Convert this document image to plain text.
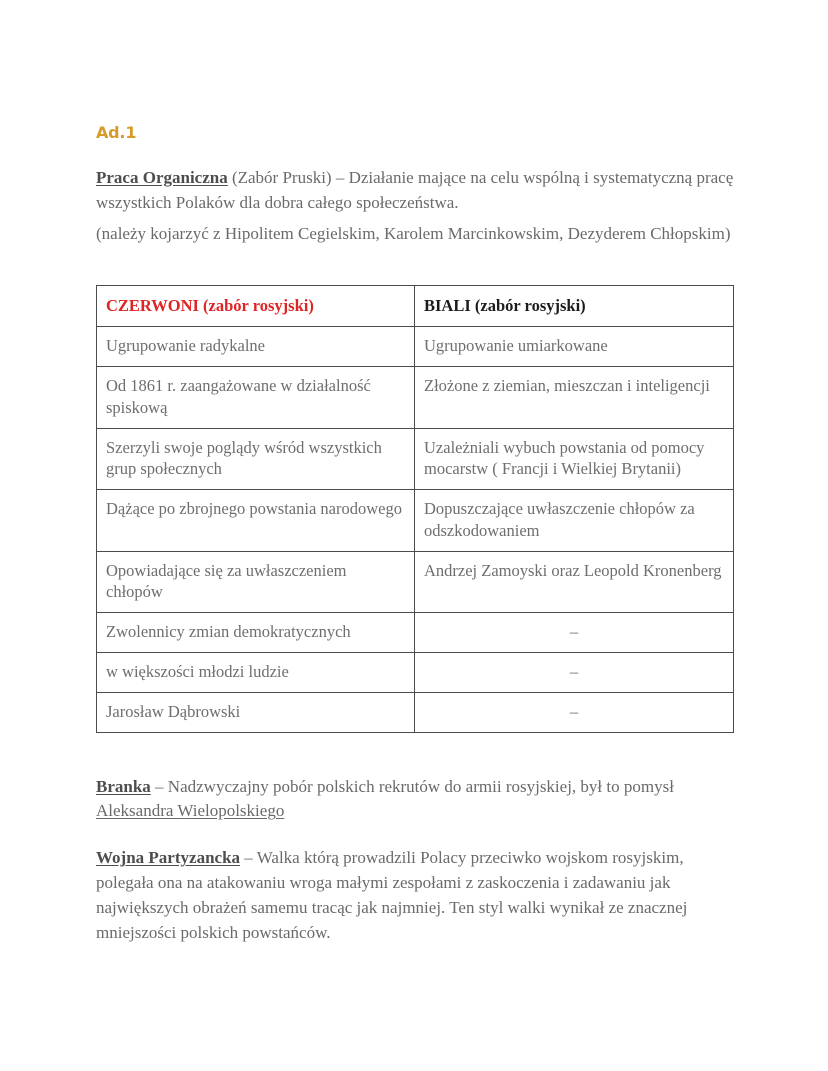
Ad.1

Praca Organiczna (Zabór Pruski) – Działanie mające na celu wspólną i systematyczną pracę wszystkich Polaków dla dobra całego społeczeństwa.

(należy kojarzyć z Hipolitem Cegielskim, Karolem Marcinkowskim, Dezyderem Chłopskim)

CZERWONI (zabór rosyjski)	BIALI (zabór rosyjski)
Ugrupowanie radykalne	Ugrupowanie umiarkowane
Od 1861 r. zaangażowane w działalność spiskową	Złożone z ziemian, mieszczan i inteligencji
Szerzyli swoje poglądy wśród wszystkich grup społecznych	Uzależniali wybuch powstania od pomocy mocarstw ( Francji i Wielkiej Brytanii)
Dążące po zbrojnego powstania narodowego	Dopuszczające uwłaszczenie chłopów za odszkodowaniem
Opowiadające się za uwłaszczeniem chłopów	Andrzej Zamoyski oraz Leopold Kronenberg
Zwolennicy zmian demokratycznych	–
w większości młodzi ludzie	–
Jarosław Dąbrowski	–

Branka – Nadzwyczajny pobór polskich rekrutów do armii rosyjskiej, był to pomysł Aleksandra Wielopolskiego

Wojna Partyzancka – Walka którą prowadzili Polacy przeciwko wojskom rosyjskim, polegała ona na atakowaniu wroga małymi zespołami z zaskoczenia i zadawaniu jak największych obrażeń samemu tracąc jak najmniej. Ten styl walki wynikał ze znacznej mniejszości polskich powstańców.
